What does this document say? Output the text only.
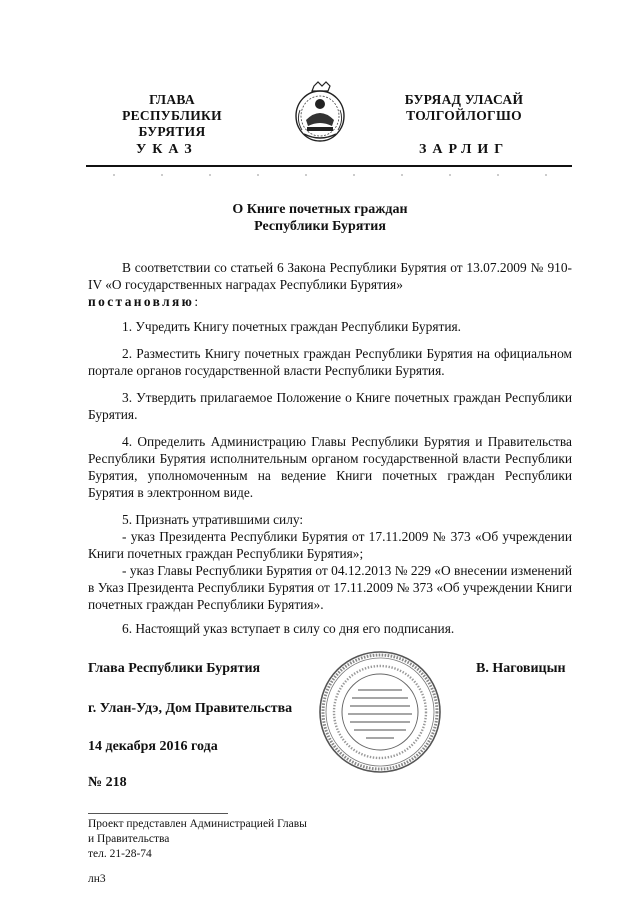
ГЛАВА
РЕСПУБЛИКИ БУРЯТИЯ
БУРЯАД УЛАСАЙ
ТОЛГОЙЛОГШО
УКАЗ	ЗАРЛИГ
О Книге почетных граждан
Республики Бурятия
В соответствии со статьей 6 Закона Республики Бурятия от 13.07.2009 № 910-IV «О государственных наградах Республики Бурятия»
постановляю:
1. Учредить Книгу почетных граждан Республики Бурятия.
2. Разместить Книгу почетных граждан Республики Бурятия на официальном портале органов государственной власти Республики Бурятия.
3. Утвердить прилагаемое Положение о Книге почетных граждан Республики Бурятия.
4. Определить Администрацию Главы Республики Бурятия и Правительства Республики Бурятия исполнительным органом государственной власти Республики Бурятия, уполномоченным на ведение Книги почетных граждан Республики Бурятия в электронном виде.
5. Признать утратившими силу:
- указ Президента Республики Бурятия от 17.11.2009 № 373 «Об учреждении Книги почетных граждан Республики Бурятия»;
- указ Главы Республики Бурятия от 04.12.2013 № 229 «О внесении изменений в Указ Президента Республики Бурятия от 17.11.2009 № 373 «Об учреждении Книги почетных граждан Республики Бурятия».
6. Настоящий указ вступает в силу со дня его подписания.
Глава Республики Бурятия	В. Наговицын
г. Улан-Удэ, Дом Правительства
14 декабря 2016 года
№ 218
Проект представлен Администрацией Главы
и Правительства
тел. 21-28-74
лн3
